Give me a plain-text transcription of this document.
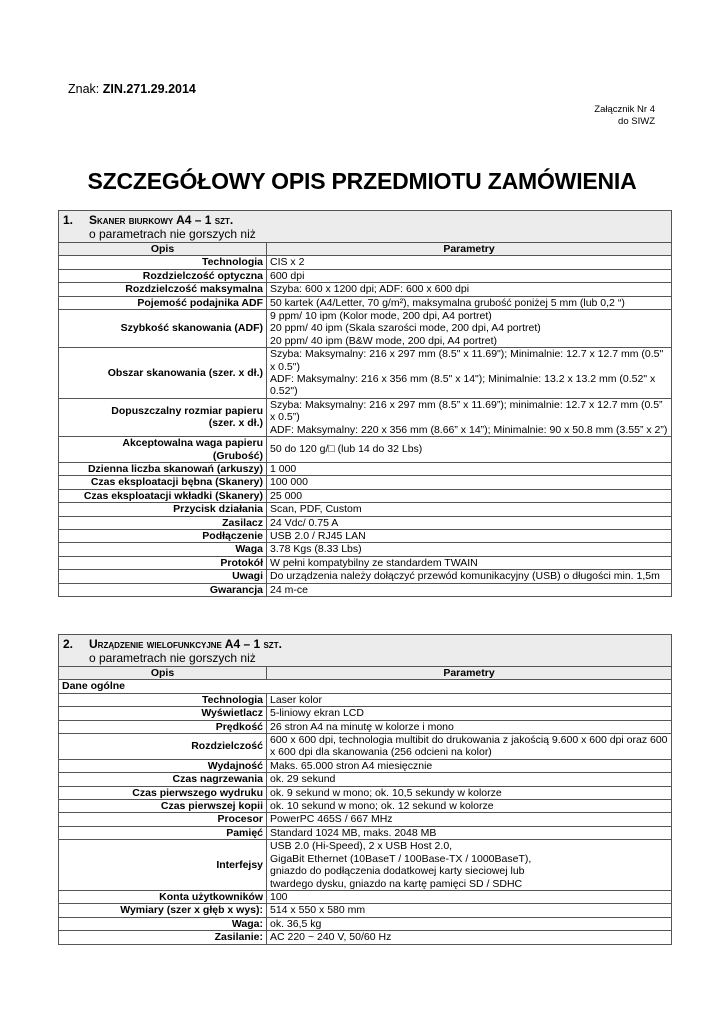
Znak: ZIN.271.29.2014
Załącznik Nr 4
do SIWZ
SZCZEGÓŁOWY OPIS PRZEDMIOTU ZAMÓWIENIA
1. Skaner biurkowy A4 – 1 szt.
o parametrach nie gorszych niż	

Opis	Parametry
Technologia	CIS x 2
Rozdzielczość optyczna	600 dpi
Rozdzielczość maksymalna	Szyba: 600 x 1200 dpi; ADF: 600 x 600 dpi
Pojemość podajnika ADF	50 kartek (A4/Letter, 70 g/m²), maksymalna grubość poniżej 5 mm (lub 0,2 “)
Szybkość skanowania (ADF)	9 ppm/ 10 ipm (Kolor mode, 200 dpi, A4 portret)
20 ppm/ 40 ipm (Skala szarości mode, 200 dpi, A4 portret)
20 ppm/ 40 ipm (B&W mode, 200 dpi, A4 portret)
Obszar skanowania (szer. x dł.)	Szyba: Maksymalny: 216 x 297 mm (8.5" x 11.69"); Minimalnie: 12.7 x 12.7 mm (0.5" x 0.5")
ADF: Maksymalny: 216 x 356 mm (8.5" x 14"); Minimalnie: 13.2 x 13.2 mm (0.52" x 0.52")
Dopuszczalny rozmiar papieru
(szer. x dł.)	Szyba: Maksymalny: 216 x 297 mm (8.5” x 11.69”); minimalnie: 12.7 x 12.7 mm (0.5” x 0.5”)
ADF: Maksymalny: 220 x 356 mm (8.66” x 14”); Minimalnie: 90 x 50.8 mm (3.55” x 2”)
Akceptowalna waga papieru
(Grubość)	50 do 120 g/□ (lub 14 do 32 Lbs)
Dzienna liczba skanowań (arkuszy)	1 000
Czas eksploatacji bębna (Skanery)	100 000
Czas eksploatacji wkładki (Skanery)	25 000
Przycisk działania	Scan, PDF, Custom
Zasilacz	24 Vdc/ 0.75 A
Podłączenie	USB 2.0 / RJ45 LAN
Waga	3.78 Kgs (8.33 Lbs)
Protokół	W pełni kompatybilny ze standardem TWAIN
Uwagi	Do urządzenia należy dołączyć przewód komunikacyjny (USB) o długości min. 1,5m
Gwarancja	24 m-ce
2. Urządzenie wielofunkcyjne A4 – 1 szt.
o parametrach nie gorszych niż	

Opis	Parametry
Dane ogólne	
Technologia	Laser kolor
Wyświetlacz	5-liniowy ekran LCD
Prędkość	26 stron A4 na minutę w kolorze i mono
Rozdzielczość	600 x 600 dpi, technologia multibit do drukowania z jakością 9.600 x 600 dpi oraz 600 x 600 dpi dla skanowania (256 odcieni na kolor)
Wydajność	Maks. 65.000 stron A4 miesięcznie
Czas nagrzewania	ok. 29 sekund
Czas pierwszego wydruku	ok. 9 sekund w mono; ok. 10,5 sekundy w kolorze
Czas pierwszej kopii	ok. 10 sekund w mono; ok. 12 sekund w kolorze
Procesor	PowerPC 465S / 667 MHz
Pamięć	Standard 1024 MB, maks. 2048 MB
Interfejsy	USB 2.0 (Hi-Speed), 2 x USB Host 2.0,
GigaBit Ethernet (10BaseT / 100Base-TX / 1000BaseT),
gniazdo do podłączenia dodatkowej karty sieciowej lub
twardego dysku, gniazdo na kartę pamięci SD / SDHC
Konta użytkowników	100
Wymiary (szer x głęb x wys):	514 x 550 x 580 mm
Waga:	ok. 36,5 kg
Zasilanie:	AC 220 ~ 240 V, 50/60 Hz
